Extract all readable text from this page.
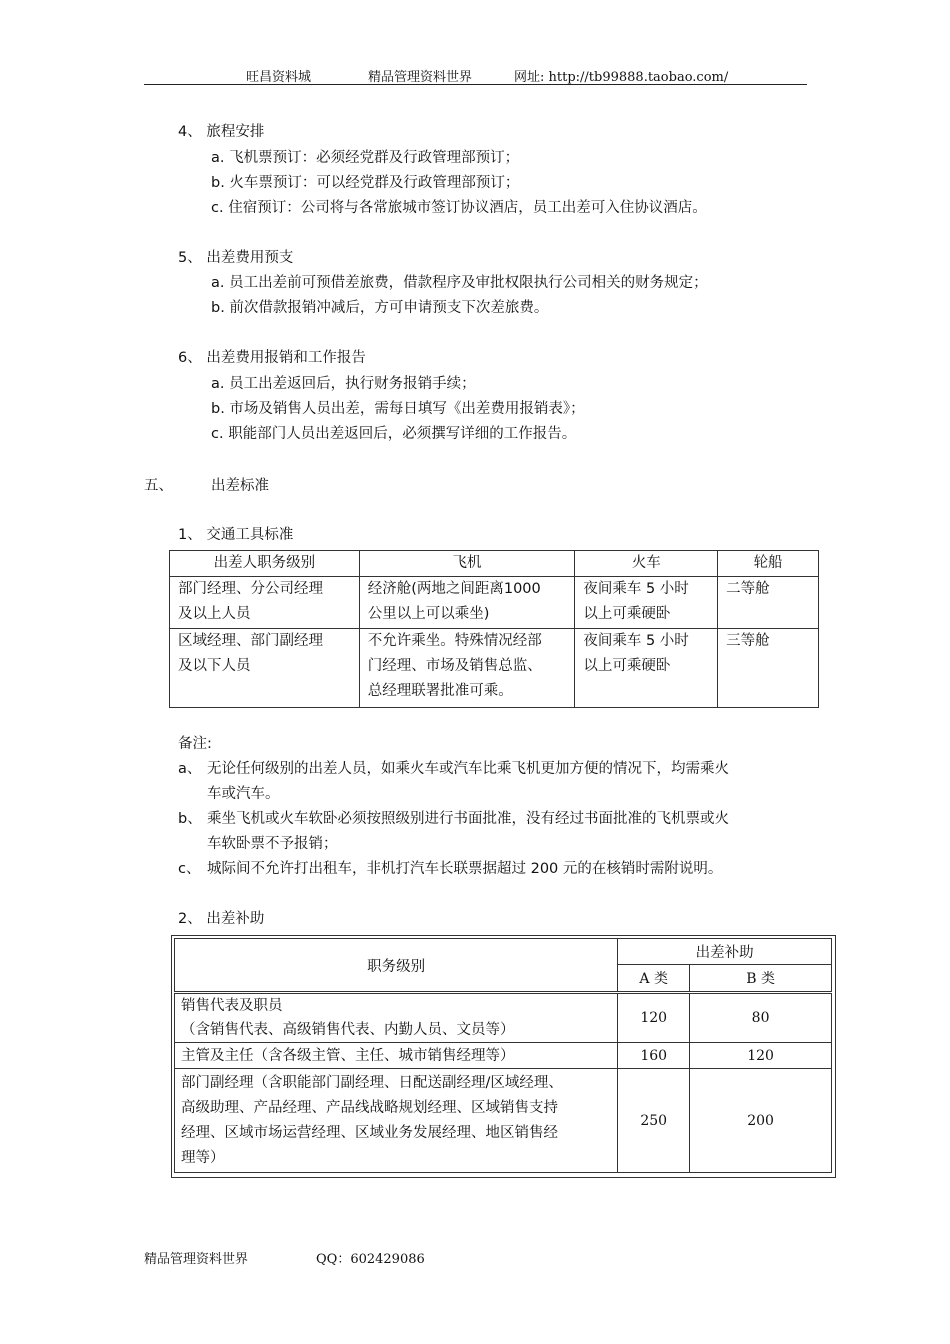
旺昌资料城	精品管理资料世界	网址: http://tb99888.taobao.com/
4、 旅程安排
a. 飞机票预订：必须经党群及行政管理部预订；
b. 火车票预订：可以经党群及行政管理部预订；
c. 住宿预订：公司将与各常旅城市签订协议酒店，员工出差可入住协议酒店。
5、 出差费用预支
a. 员工出差前可预借差旅费，借款程序及审批权限执行公司相关的财务规定；
b. 前次借款报销冲减后，方可申请预支下次差旅费。
6、 出差费用报销和工作报告
a. 员工出差返回后，执行财务报销手续；
b. 市场及销售人员出差，需每日填写《出差费用报销表》；
c. 职能部门人员出差返回后，必须撰写详细的工作报告。
五、	出差标准
1、 交通工具标准
出差人职务级别	飞机	火车	轮船
部门经理、分公司经理
及以上人员	经济舱(两地之间距离1000
公里以上可以乘坐)	夜间乘车 5 小时
以上可乘硬卧	二等舱
区域经理、部门副经理
及以下人员	不允许乘坐。特殊情况经部
门经理、市场及销售总监、
总经理联署批准可乘。	夜间乘车 5 小时
以上可乘硬卧	三等舱
备注:
a、 无论任何级别的出差人员，如乘火车或汽车比乘飞机更加方便的情况下，均需乘火
车或汽车。
b、 乘坐飞机或火车软卧必须按照级别进行书面批准，没有经过书面批准的飞机票或火
车软卧票不予报销；
c、 城际间不允许打出租车，非机打汽车长联票据超过 200 元的在核销时需附说明。
2、 出差补助
职务级别	出差补助	
	A 类	B 类
销售代表及职员
（含销售代表、高级销售代表、内勤人员、文员等）	120	80
主管及主任（含各级主管、主任、城市销售经理等）	160	120
部门副经理（含职能部门副经理、日配送副经理/区域经理、
高级助理、产品经理、产品线战略规划经理、区域销售支持
经理、区域市场运营经理、区域业务发展经理、地区销售经
理等）	250	200
精品管理资料世界	QQ：602429086
